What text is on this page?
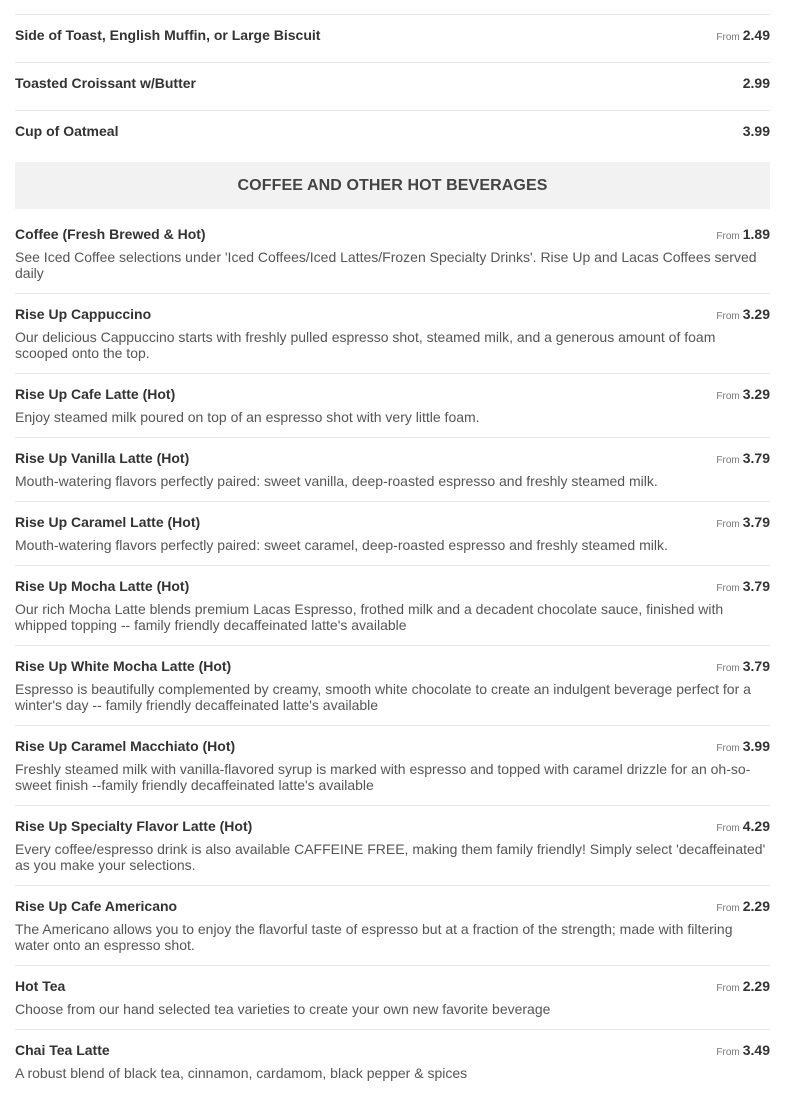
Side of Toast, English Muffin, or Large Biscuit	From 2.49
Toasted Croissant w/Butter	2.99
Cup of Oatmeal	3.99
COFFEE AND OTHER HOT BEVERAGES
Coffee (Fresh Brewed & Hot)	From 1.89
See Iced Coffee selections under 'Iced Coffees/Iced Lattes/Frozen Specialty Drinks'. Rise Up and Lacas Coffees served daily
Rise Up Cappuccino	From 3.29
Our delicious Cappuccino starts with freshly pulled espresso shot, steamed milk, and a generous amount of foam scooped onto the top.
Rise Up Cafe Latte (Hot)	From 3.29
Enjoy steamed milk poured on top of an espresso shot with very little foam.
Rise Up Vanilla Latte (Hot)	From 3.79
Mouth-watering flavors perfectly paired: sweet vanilla, deep-roasted espresso and freshly steamed milk.
Rise Up Caramel Latte (Hot)	From 3.79
Mouth-watering flavors perfectly paired: sweet caramel, deep-roasted espresso and freshly steamed milk.
Rise Up Mocha Latte (Hot)	From 3.79
Our rich Mocha Latte blends premium Lacas Espresso, frothed milk and a decadent chocolate sauce, finished with whipped topping -- family friendly decaffeinated latte's available
Rise Up White Mocha Latte (Hot)	From 3.79
Espresso is beautifully complemented by creamy, smooth white chocolate to create an indulgent beverage perfect for a winter's day -- family friendly decaffeinated latte's available
Rise Up Caramel Macchiato (Hot)	From 3.99
Freshly steamed milk with vanilla-flavored syrup is marked with espresso and topped with caramel drizzle for an oh-so-sweet finish --family friendly decaffeinated latte's available
Rise Up Specialty Flavor Latte (Hot)	From 4.29
Every coffee/espresso drink is also available CAFFEINE FREE, making them family friendly! Simply select 'decaffeinated' as you make your selections.
Rise Up Cafe Americano	From 2.29
The Americano allows you to enjoy the flavorful taste of espresso but at a fraction of the strength; made with filtering water onto an espresso shot.
Hot Tea	From 2.29
Choose from our hand selected tea varieties to create your own new favorite beverage
Chai Tea Latte	From 3.49
A robust blend of black tea, cinnamon, cardamom, black pepper & spices
